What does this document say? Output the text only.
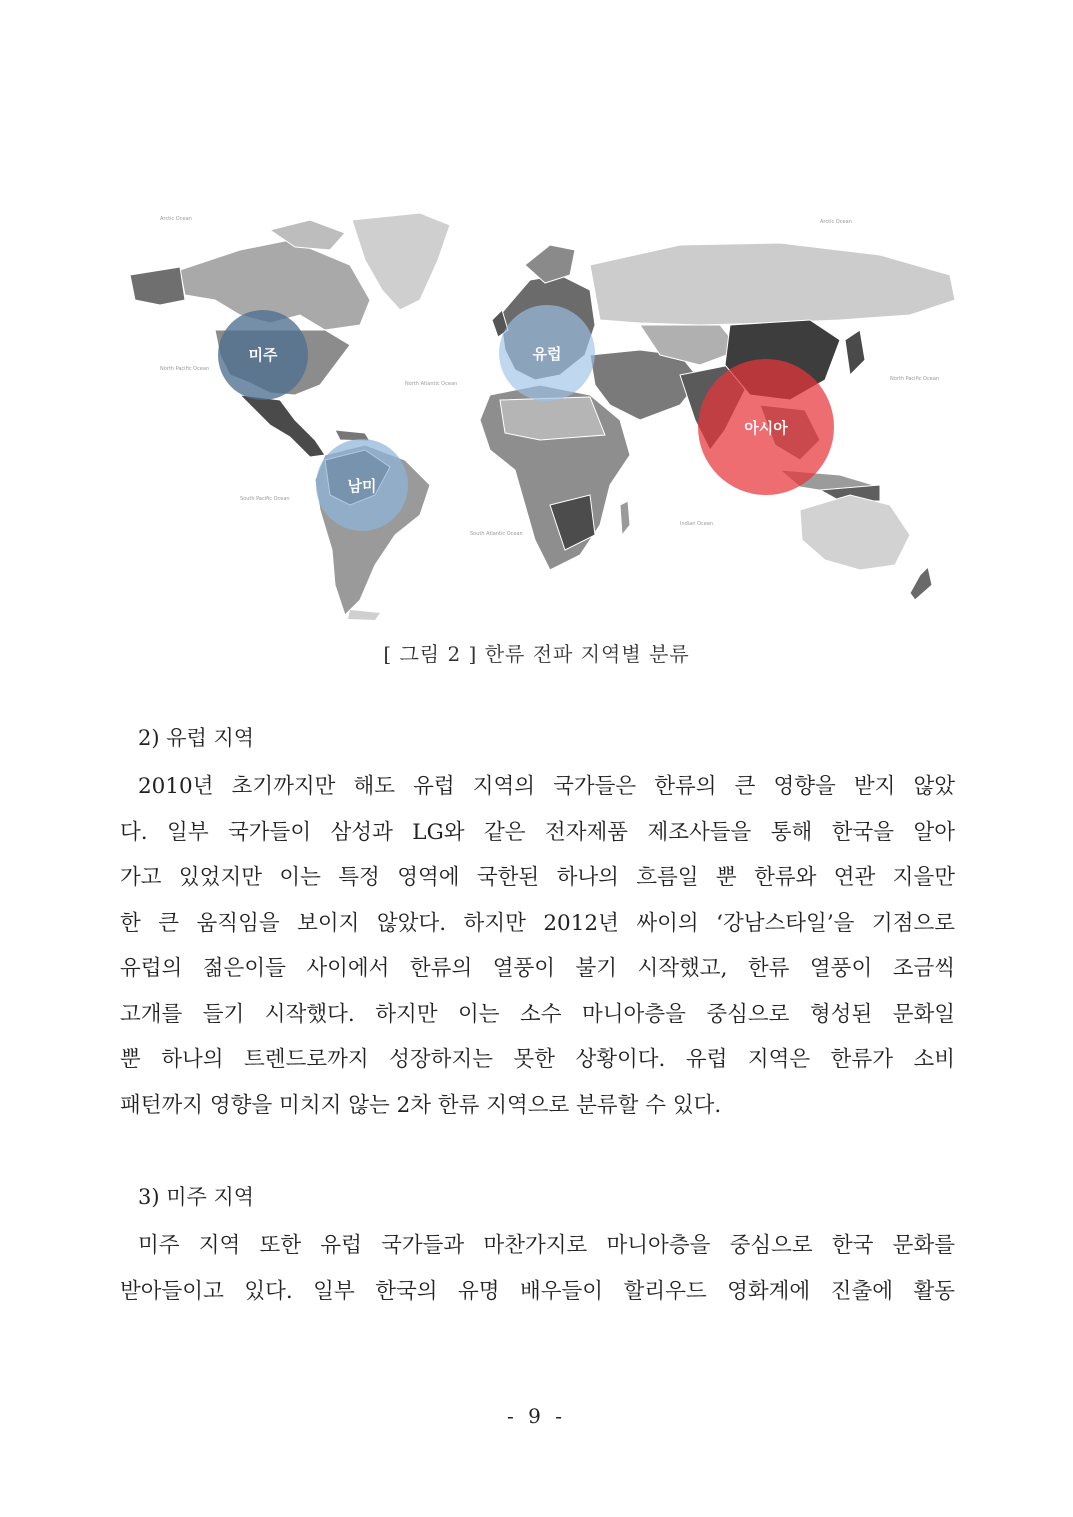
Arctic Ocean	Arctic Ocean
North Pacific Ocean
North Atlantic Ocean
South Pacific Ocean
South Atlantic Ocean
Indian Ocean
North Pacific Ocean
미주	유럽
아시아
남미
[ 그림 2 ] 한류 전파 지역별 분류

2) 유럽 지역

2010년 초기까지만 해도 유럽 지역의 국가들은 한류의 큰 영향을 받지 않았
다. 일부 국가들이 삼성과 LG와 같은 전자제품 제조사들을 통해 한국을 알아
가고 있었지만 이는 특정 영역에 국한된 하나의 흐름일 뿐 한류와 연관 지을만
한 큰 움직임을 보이지 않았다. 하지만 2012년 싸이의 ‘강남스타일’을 기점으로
유럽의 젊은이들 사이에서 한류의 열풍이 불기 시작했고, 한류 열풍이 조금씩
고개를 들기 시작했다. 하지만 이는 소수 마니아층을 중심으로 형성된 문화일
뿐 하나의 트렌드로까지 성장하지는 못한 상황이다. 유럽 지역은 한류가 소비
패턴까지 영향을 미치지 않는 2차 한류 지역으로 분류할 수 있다.

3) 미주 지역

미주 지역 또한 유럽 국가들과 마찬가지로 마니아층을 중심으로 한국 문화를
받아들이고 있다. 일부 한국의 유명 배우들이 할리우드 영화계에 진출에 활동

- 9 -
